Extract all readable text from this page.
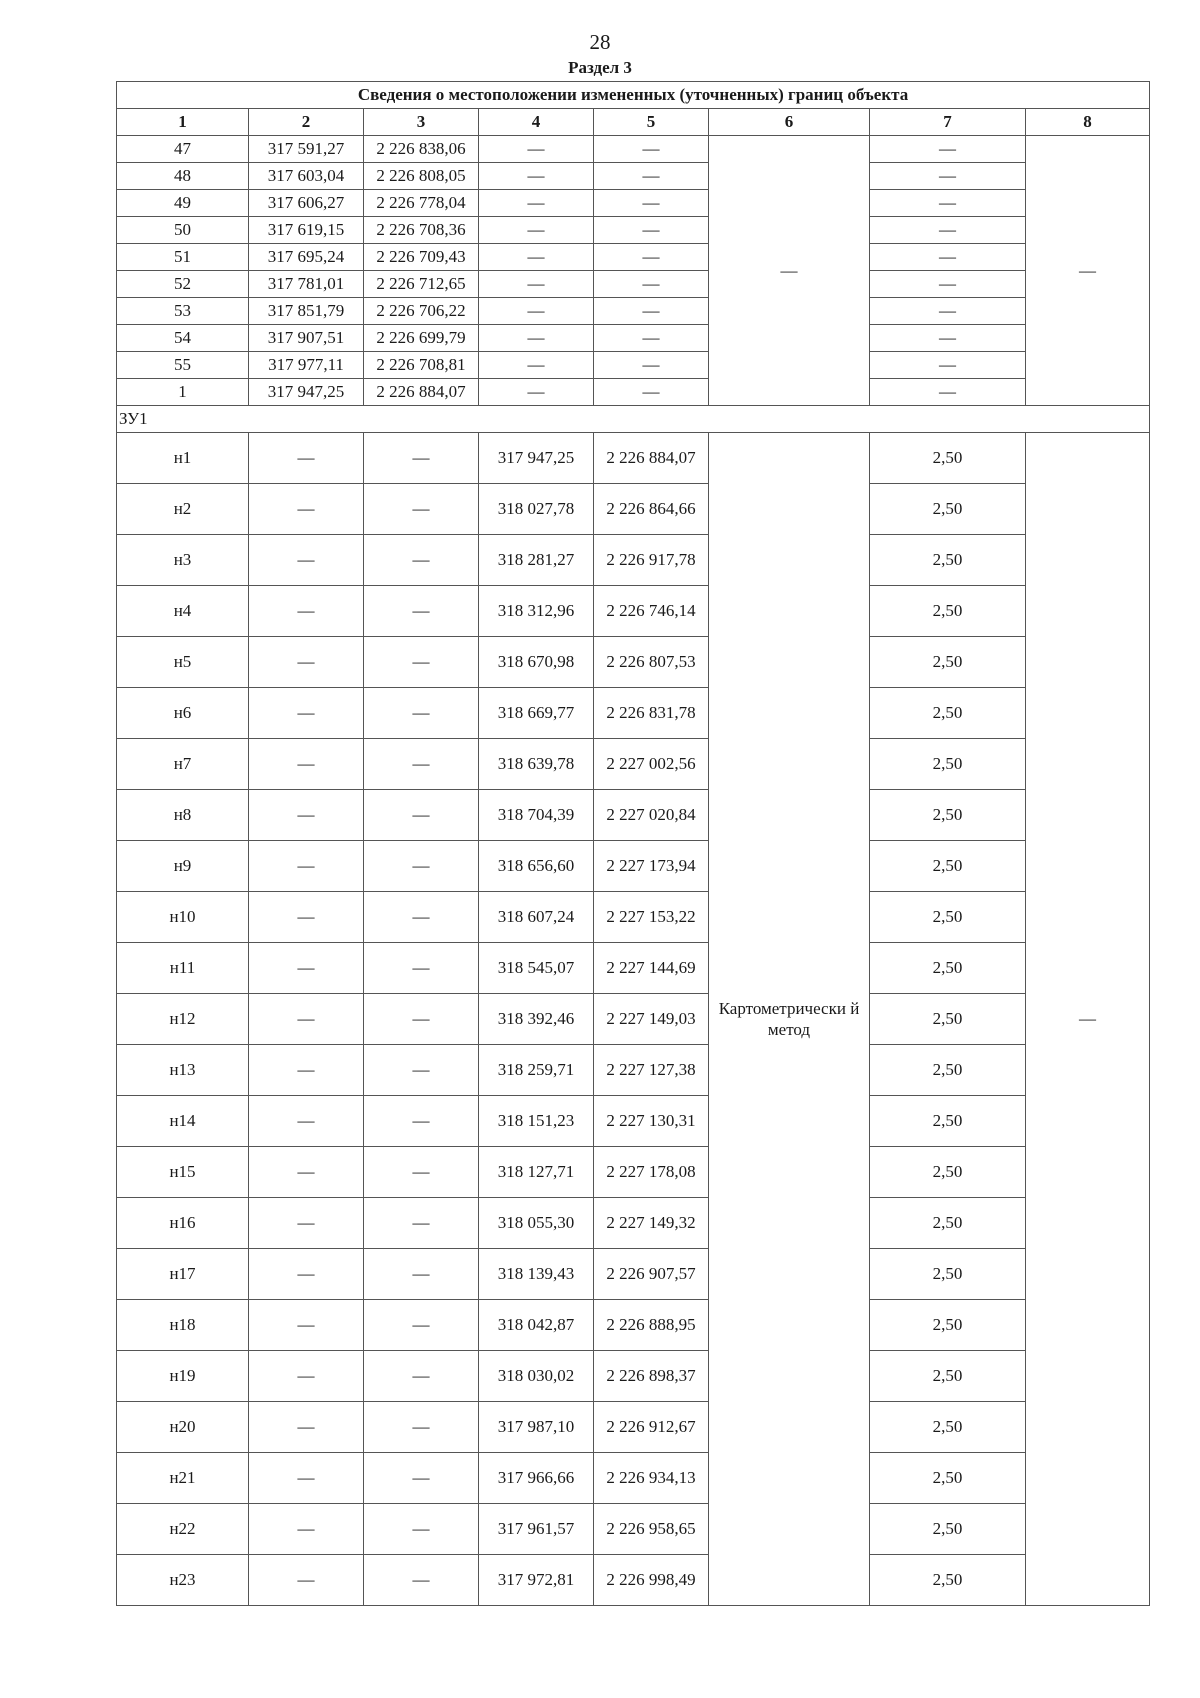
28
Раздел 3
Сведения о местоположении измененных (уточненных) границ объекта							
1	2	3	4	5	6	7	8
47	317 591,27	2 226 838,06	—	—	—	—	—
48	317 603,04	2 226 808,05	—	—		—	
49	317 606,27	2 226 778,04	—	—		—	
50	317 619,15	2 226 708,36	—	—		—	
51	317 695,24	2 226 709,43	—	—		—	
52	317 781,01	2 226 712,65	—	—		—	
53	317 851,79	2 226 706,22	—	—		—	
54	317 907,51	2 226 699,79	—	—		—	
55	317 977,11	2 226 708,81	—	—		—	
1	317 947,25	2 226 884,07	—	—		—	
ЗУ1							
н1	—	—	317 947,25	2 226 884,07	Картометрически й метод	2,50	—
н2	—	—	318 027,78	2 226 864,66		2,50	
н3	—	—	318 281,27	2 226 917,78		2,50	
н4	—	—	318 312,96	2 226 746,14		2,50	
н5	—	—	318 670,98	2 226 807,53		2,50	
н6	—	—	318 669,77	2 226 831,78		2,50	
н7	—	—	318 639,78	2 227 002,56		2,50	
н8	—	—	318 704,39	2 227 020,84		2,50	
н9	—	—	318 656,60	2 227 173,94		2,50	
н10	—	—	318 607,24	2 227 153,22		2,50	
н11	—	—	318 545,07	2 227 144,69		2,50	
н12	—	—	318 392,46	2 227 149,03		2,50	
н13	—	—	318 259,71	2 227 127,38		2,50	
н14	—	—	318 151,23	2 227 130,31		2,50	
н15	—	—	318 127,71	2 227 178,08		2,50	
н16	—	—	318 055,30	2 227 149,32		2,50	
н17	—	—	318 139,43	2 226 907,57		2,50	
н18	—	—	318 042,87	2 226 888,95		2,50	
н19	—	—	318 030,02	2 226 898,37		2,50	
н20	—	—	317 987,10	2 226 912,67		2,50	
н21	—	—	317 966,66	2 226 934,13		2,50	
н22	—	—	317 961,57	2 226 958,65		2,50	
н23	—	—	317 972,81	2 226 998,49		2,50	
